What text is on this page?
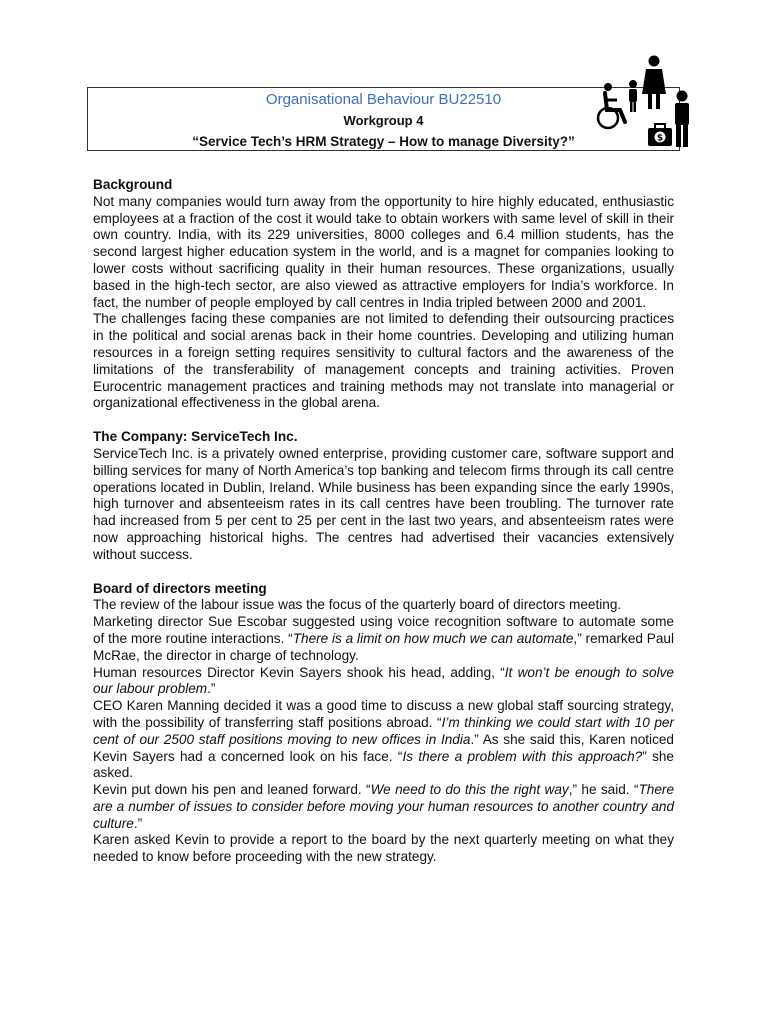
Organisational Behaviour BU22510
Workgroup 4
“Service Tech’s HRM Strategy – How to manage Diversity?”	$
Background

Not many companies would turn away from the opportunity to hire highly educated, enthusiastic employees at a fraction of the cost it would take to obtain workers with same level of skill in their own country. India, with its 229 universities, 8000 colleges and 6.4 million students, has the second largest higher education system in the world, and is a magnet for companies looking to lower costs without sacrificing quality in their human resources. These organizations, usually based in the high-tech sector, are also viewed as attractive employers for India’s workforce. In fact, the number of people employed by call centres in India tripled between 2000 and 2001.

The challenges facing these companies are not limited to defending their outsourcing practices in the political and social arenas back in their home countries. Developing and utilizing human resources in a foreign setting requires sensitivity to cultural factors and the awareness of the limitations of the transferability of management concepts and training activities. Proven Eurocentric management practices and training methods may not translate into managerial or organizational effectiveness in the global arena.

The Company: ServiceTech Inc.

ServiceTech Inc. is a privately owned enterprise, providing customer care, software support and billing services for many of North America’s top banking and telecom firms through its call centre operations located in Dublin, Ireland. While business has been expanding since the early 1990s, high turnover and absenteeism rates in its call centres have been troubling. The turnover rate had increased from 5 per cent to 25 per cent in the last two years, and absenteeism rates were now approaching historical highs. The centres had advertised their vacancies extensively without success.

Board of directors meeting

The review of the labour issue was the focus of the quarterly board of directors meeting.

Marketing director Sue Escobar suggested using voice recognition software to automate some of the more routine interactions. “There is a limit on how much we can automate,” remarked Paul McRae, the director in charge of technology.

Human resources Director Kevin Sayers shook his head, adding, “It won’t be enough to solve our labour problem.”

CEO Karen Manning decided it was a good time to discuss a new global staff sourcing strategy, with the possibility of transferring staff positions abroad. “I’m thinking we could start with 10 per cent of our 2500 staff positions moving to new offices in India.” As she said this, Karen noticed Kevin Sayers had a concerned look on his face. “Is there a problem with this approach?” she asked.

Kevin put down his pen and leaned forward. “We need to do this the right way,” he said. “There are a number of issues to consider before moving your human resources to another country and culture.”

Karen asked Kevin to provide a report to the board by the next quarterly meeting on what they needed to know before proceeding with the new strategy.
